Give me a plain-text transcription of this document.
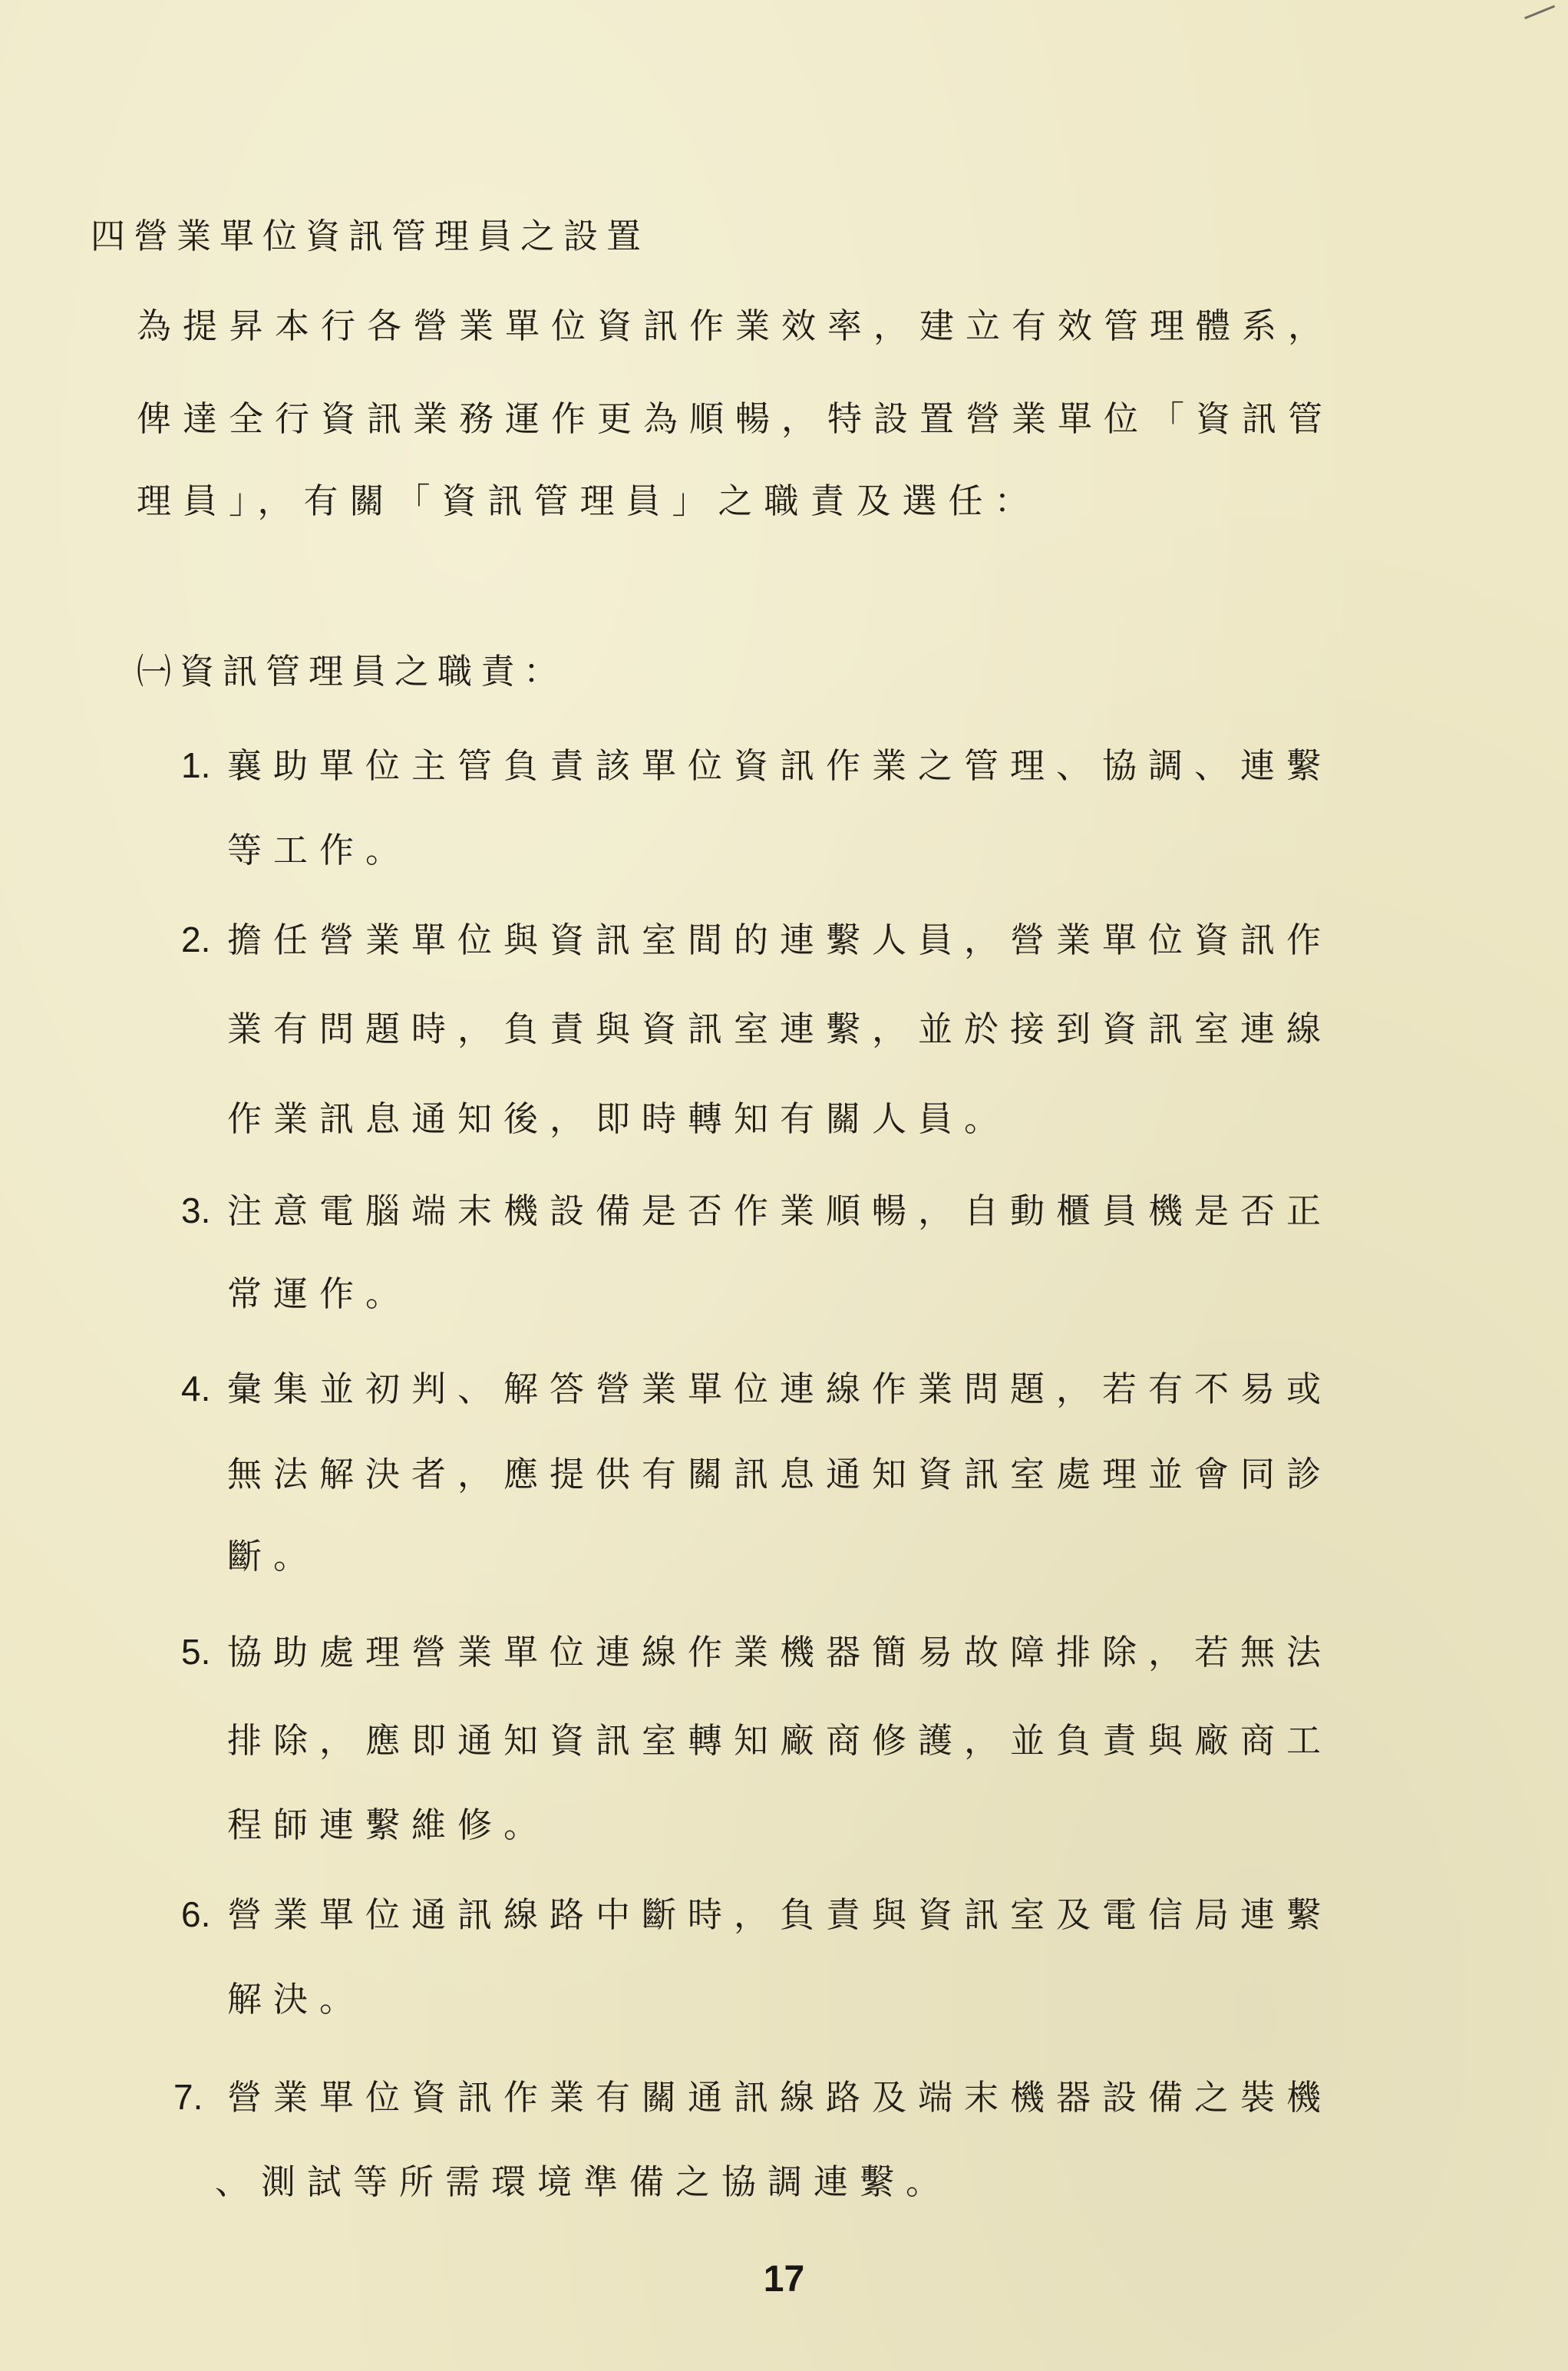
四營業單位資訊管理員之設置
為提昇本行各營業單位資訊作業效率，建立有效管理體系，
俾達全行資訊業務運作更為順暢，特設置營業單位「資訊管
理員」，有關「資訊管理員」之職責及選任：
㈠資訊管理員之職責：
1. 襄助單位主管負責該單位資訊作業之管理、協調、連繫
等工作。
2. 擔任營業單位與資訊室間的連繫人員，營業單位資訊作
業有問題時，負責與資訊室連繫，並於接到資訊室連線
作業訊息通知後，即時轉知有關人員。
3. 注意電腦端末機設備是否作業順暢，自動櫃員機是否正
常運作。
4. 彙集並初判、解答營業單位連線作業問題，若有不易或
無法解決者，應提供有關訊息通知資訊室處理並會同診
斷。
5. 協助處理營業單位連線作業機器簡易故障排除，若無法
排除，應即通知資訊室轉知廠商修護，並負責與廠商工
程師連繫維修。
6. 營業單位通訊線路中斷時，負責與資訊室及電信局連繫
解決。
7. 營業單位資訊作業有關通訊線路及端末機器設備之裝機
、測試等所需環境準備之協調連繫。
17
